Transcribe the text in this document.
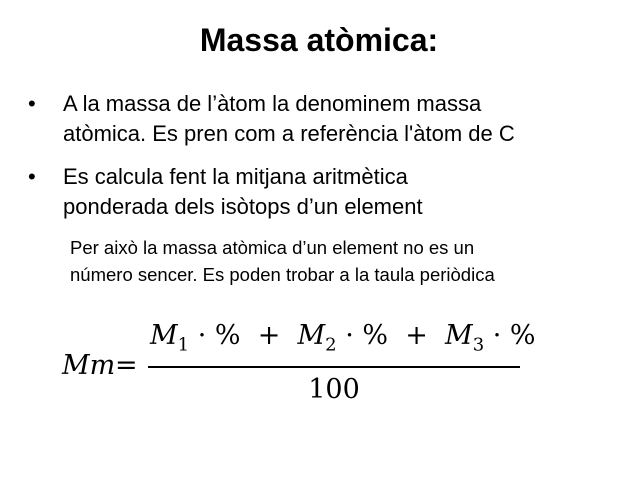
Massa atòmica:
• A la massa de l’àtom la denominem massa
atòmica. Es pren com a referència l'àtom de C
• Es calcula fent la mitjana aritmètica
ponderada dels isòtops d’un element
Per això la massa atòmica d’un element no es un
número sencer. Es poden trobar a la taula periòdica
Mm =
$M_1$ · % + $M_2$ · % + $M_3$ · %
100
